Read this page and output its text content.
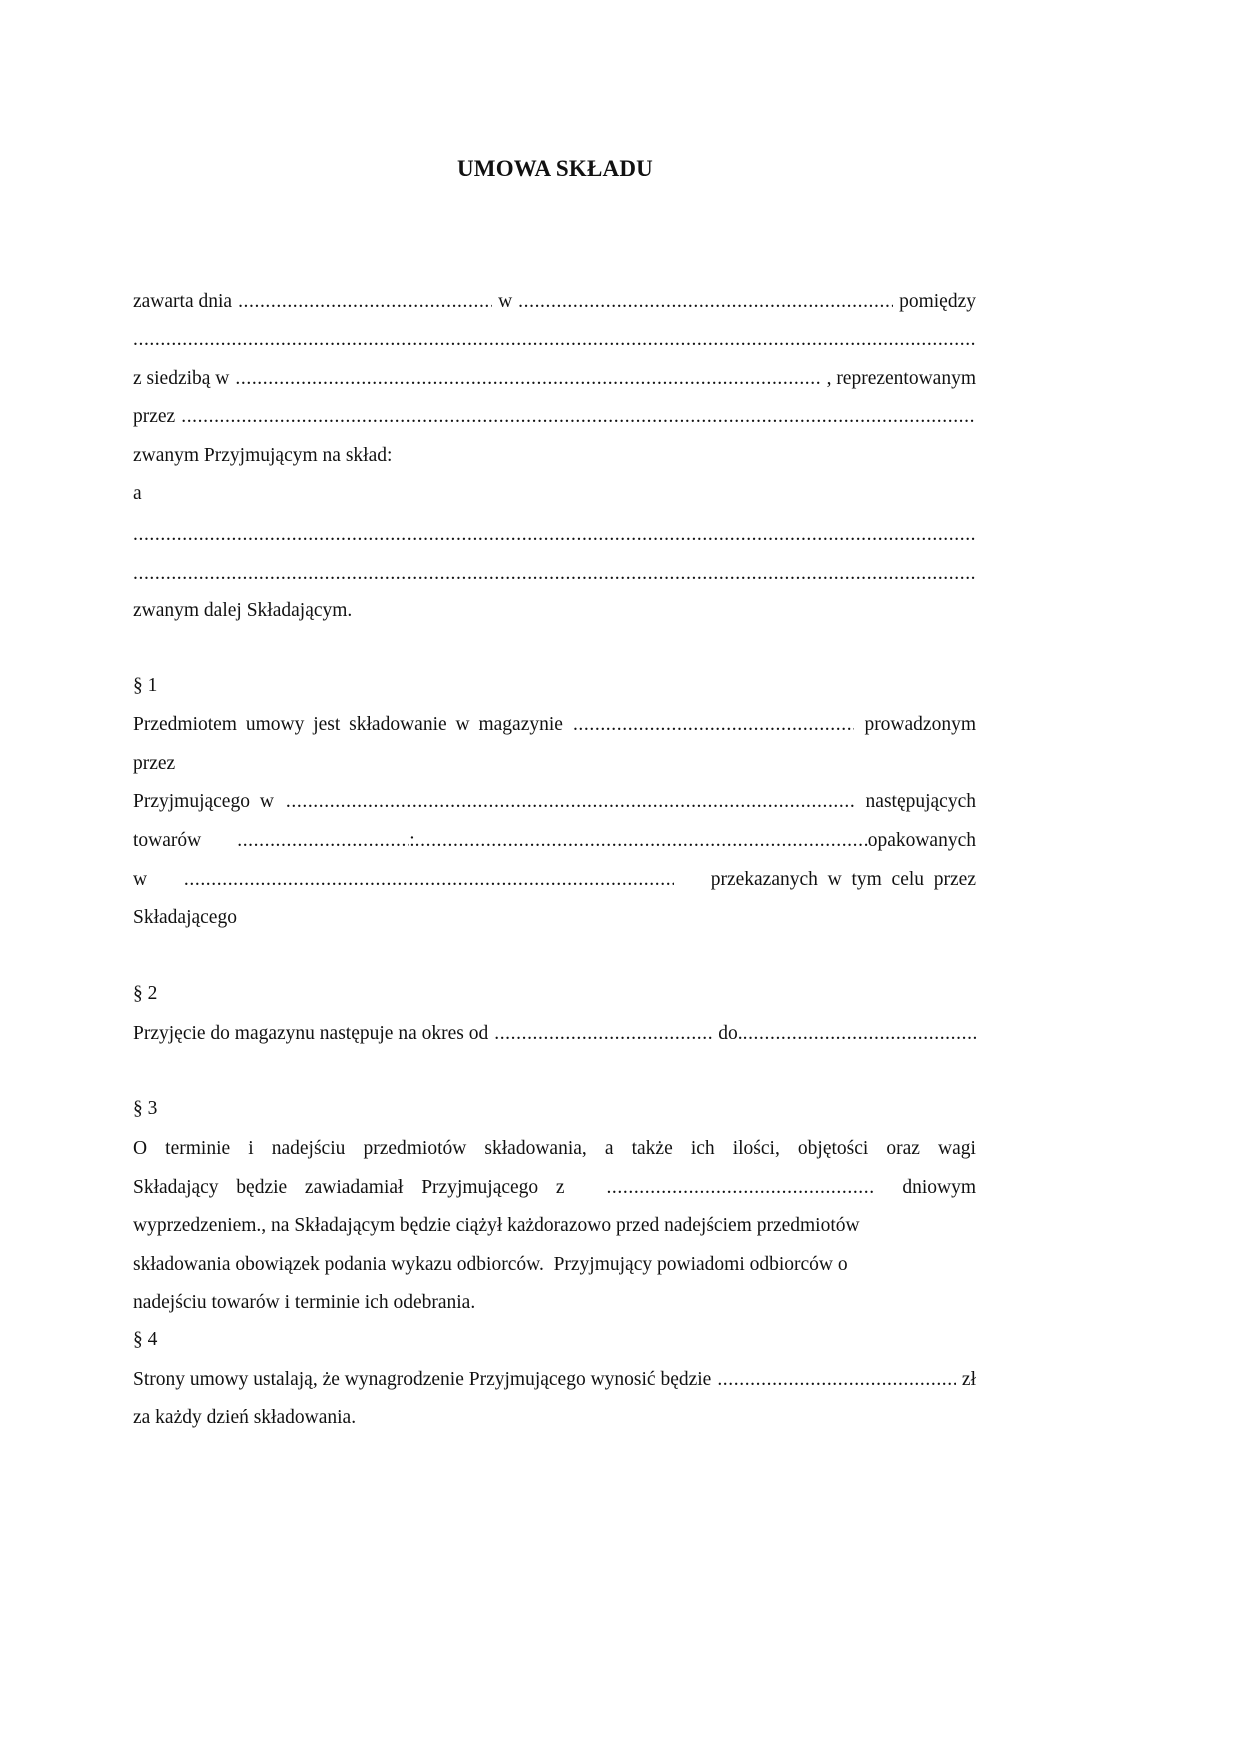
UMOWA SKŁADU
zawarta dnia .....	w .....	pomiędzy
.....
z siedzibą w .....	, reprezentowanym
przez
.....
zwanym Przyjmującym na skład:
a
.....
.....
zwanym dalej Składającym.
§ 1
Przedmiotem umowy jest składowanie w magazynie .....	prowadzonym
przez
Przyjmującego w .....	następujących
towarów .....	: .....	opakowanych
w .....	przekazanych  w  tym  celu  przez
Składającego
§ 2
Przyjęcie do magazynu następuje na okres od .....	do.
.....
§ 3
O terminie i nadejściu przedmiotów składowania, a także ich ilości, objętości oraz wagi
Składający  będzie  zawiadamiał  Przyjmującego  z .....	dniowym
wyprzedzeniem., na Składającym będzie ciążył każdorazowo przed nadejściem przedmiotów
składowania obowiązek podania wykazu odbiorców.  Przyjmujący powiadomi odbiorców o
nadejściu towarów i terminie ich odebrania.
§ 4
Strony umowy ustalają, że wynagrodzenie Przyjmującego wynosić będzie .....	zł
za każdy dzień składowania.
